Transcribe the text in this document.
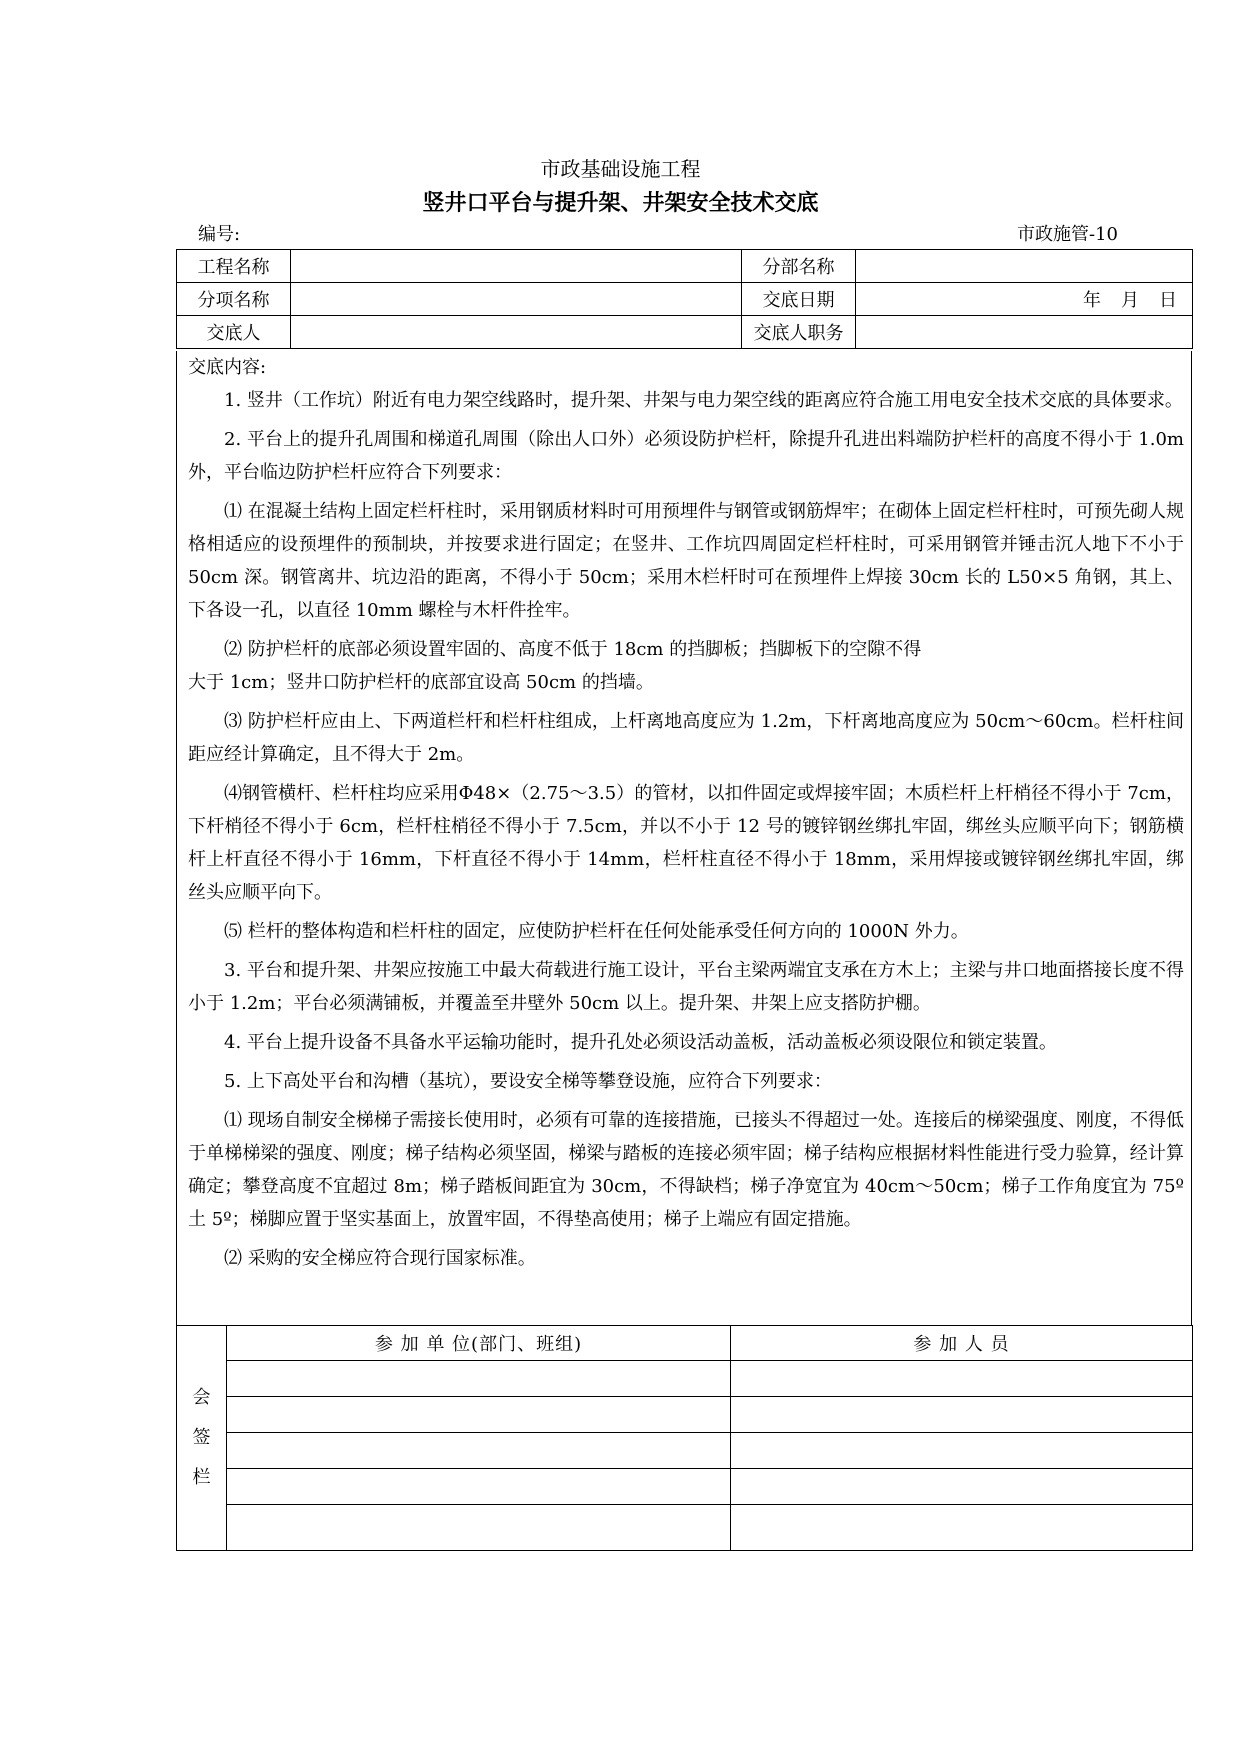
市政基础设施工程
竖井口平台与提升架、井架安全技术交底
编号:	市政施管-10
工程名称		分部名称	
分项名称		交底日期	年　月　日
交底人		交底人职务	
交底内容:

1. 竖井（工作坑）附近有电力架空线路时，提升架、井架与电力架空线的距离应符合施工用电安全技术交底的具体要求。

2. 平台上的提升孔周围和梯道孔周围（除出人口外）必须设防护栏杆，除提升孔进出料端防护栏杆的高度不得小于 1.0m 外，平台临边防护栏杆应符合下列要求：

⑴ 在混凝土结构上固定栏杆柱时，采用钢质材料时可用预埋件与钢管或钢筋焊牢；在砌体上固定栏杆柱时，可预先砌人规格相适应的设预埋件的预制块，并按要求进行固定；在竖井、工作坑四周固定栏杆柱时，可采用钢管并锤击沉人地下不小于 50cm 深。钢管离井、坑边沿的距离，不得小于 50cm；采用木栏杆时可在预埋件上焊接 30cm 长的 L50×5 角钢，其上、下各设一孔，以直径 10mm 螺栓与木杆件拴牢。

⑵ 防护栏杆的底部必须设置牢固的、高度不低于 18cm 的挡脚板；挡脚板下的空隙不得

大于 1cm；竖井口防护栏杆的底部宜设高 50cm 的挡墙。

⑶ 防护栏杆应由上、下两道栏杆和栏杆柱组成，上杆离地高度应为 1.2m，下杆离地高度应为 50cm～60cm。栏杆柱间距应经计算确定，且不得大于 2m。

⑷钢管横杆、栏杆柱均应采用Φ48×（2.75～3.5）的管材，以扣件固定或焊接牢固；木质栏杆上杆梢径不得小于 7cm，下杆梢径不得小于 6cm，栏杆柱梢径不得小于 7.5cm，并以不小于 12 号的镀锌钢丝绑扎牢固，绑丝头应顺平向下；钢筋横杆上杆直径不得小于 16mm，下杆直径不得小于 14mm，栏杆柱直径不得小于 18mm，采用焊接或镀锌钢丝绑扎牢固，绑丝头应顺平向下。

⑸ 栏杆的整体构造和栏杆柱的固定，应使防护栏杆在任何处能承受任何方向的 1000N 外力。

3. 平台和提升架、井架应按施工中最大荷载进行施工设计，平台主梁两端宜支承在方木上；主梁与井口地面搭接长度不得小于 1.2m；平台必须满铺板，并覆盖至井壁外 50cm 以上。提升架、井架上应支搭防护棚。

4. 平台上提升设备不具备水平运输功能时，提升孔处必须设活动盖板，活动盖板必须设限位和锁定装置。

5. 上下高处平台和沟槽（基坑），要设安全梯等攀登设施，应符合下列要求：

⑴ 现场自制安全梯梯子需接长使用时，必须有可靠的连接措施，已接头不得超过一处。连接后的梯梁强度、刚度，不得低于单梯梯梁的强度、刚度；梯子结构必须坚固，梯梁与踏板的连接必须牢固；梯子结构应根据材料性能进行受力验算，经计算确定；攀登高度不宜超过 8m；梯子踏板间距宜为 30cm，不得缺档；梯子净宽宜为 40cm～50cm；梯子工作角度宜为 75º 土 5º；梯脚应置于坚实基面上，放置牢固，不得垫高使用；梯子上端应有固定措施。

⑵ 采购的安全梯应符合现行国家标准。

会
签
栏	参 加 单 位(部门、班组)	参 加 人 员
